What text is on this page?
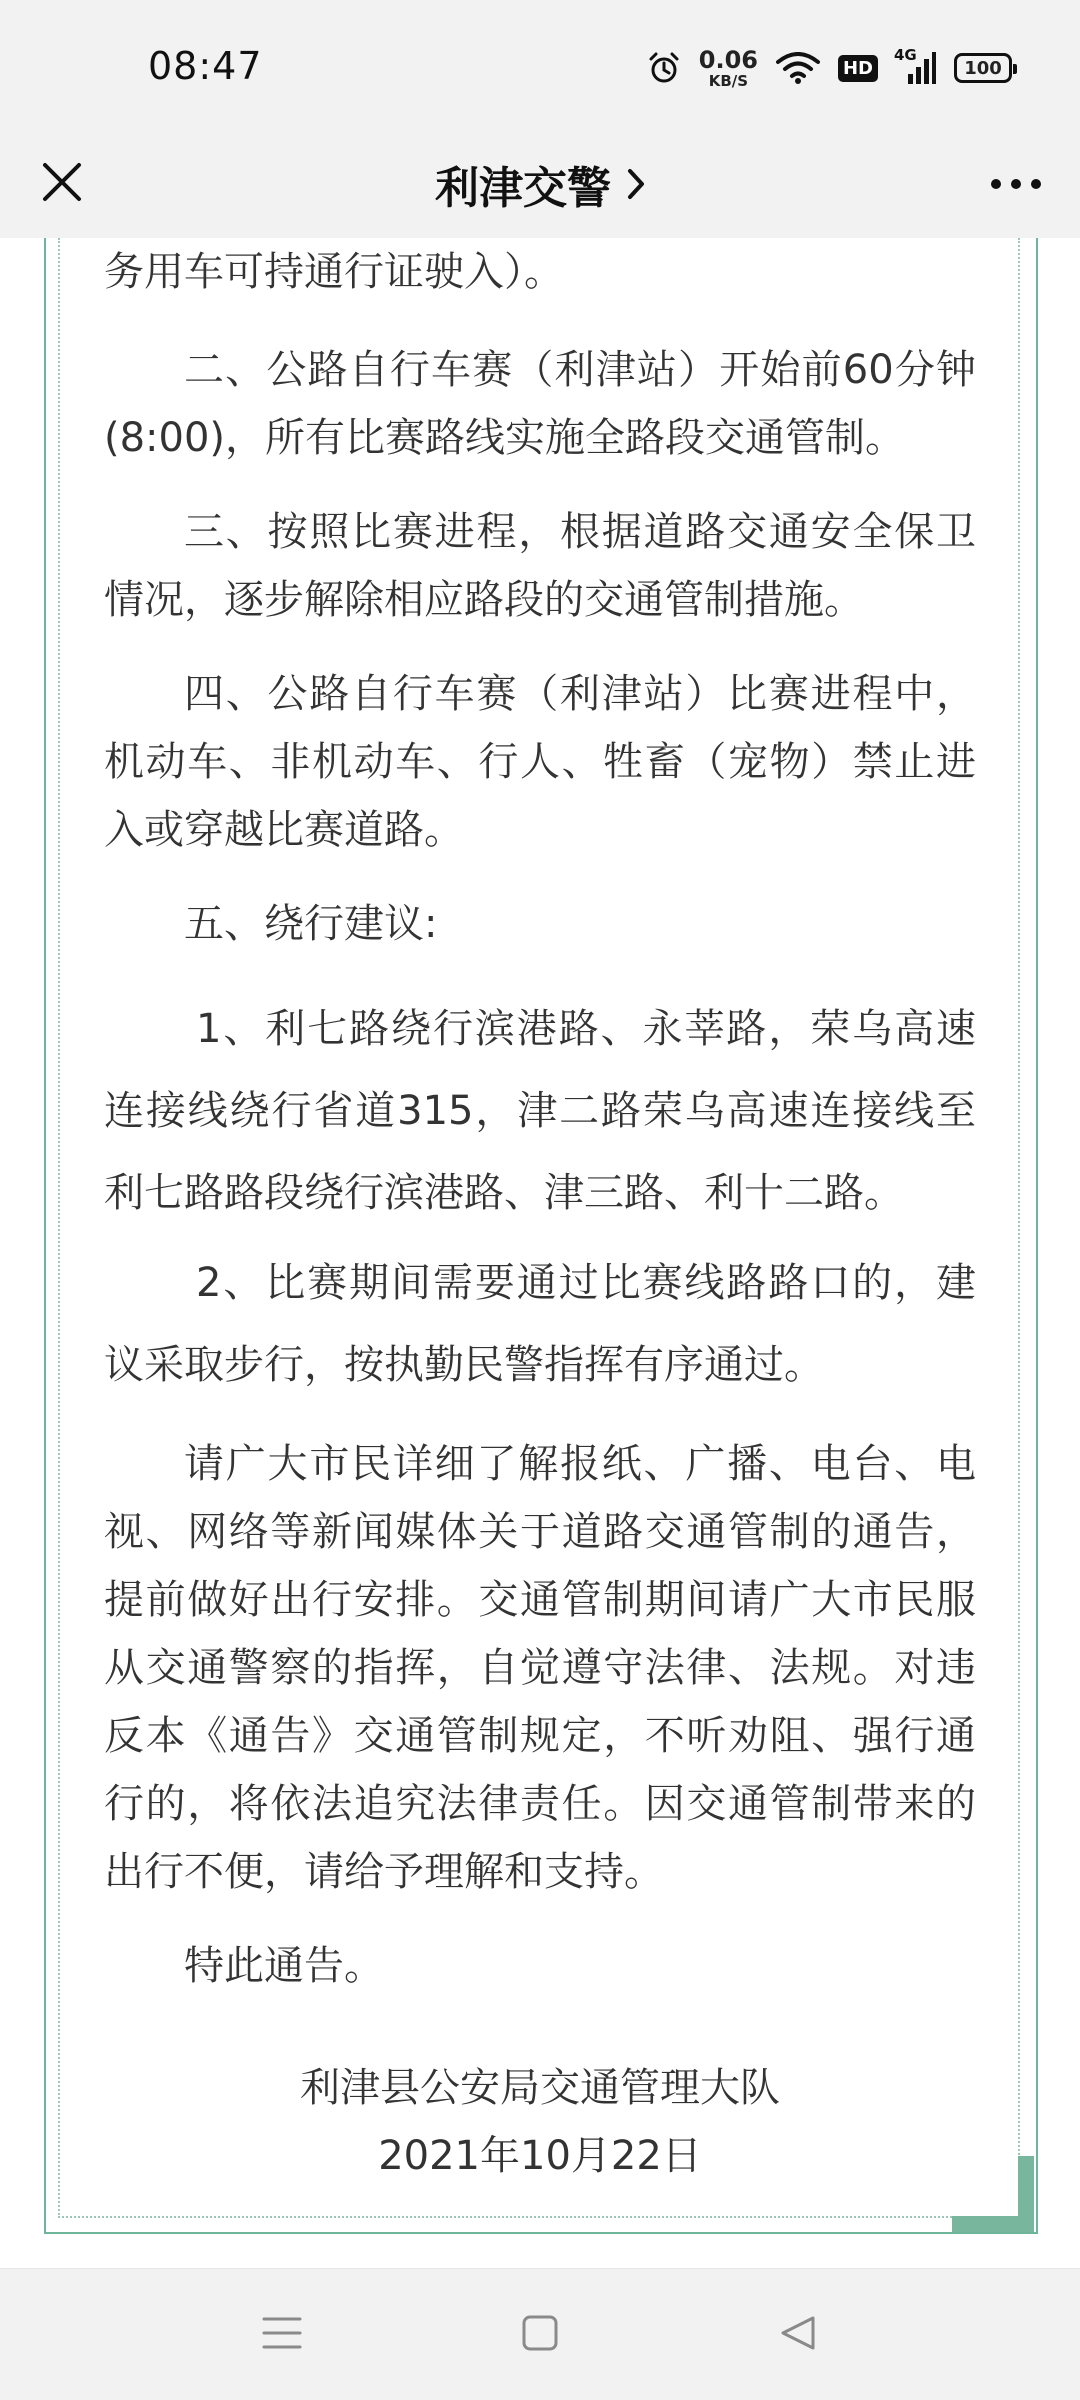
08:47	0.06
KB/S
HD
4G
100
利津交警

务用车可持通行证驶入）。

二、公路自行车赛（利津站）开始前60分钟(8:00)，所有比赛路线实施全路段交通管制。

三、按照比赛进程，根据道路交通安全保卫情况，逐步解除相应路段的交通管制措施。

四、公路自行车赛（利津站）比赛进程中，机动车、非机动车、行人、牲畜（宠物）禁止进入或穿越比赛道路。

五、绕行建议:

1、利七路绕行滨港路、永莘路，荣乌高速连接线绕行省道315，津二路荣乌高速连接线至利七路路段绕行滨港路、津三路、利十二路。

2、比赛期间需要通过比赛线路路口的，建议采取步行，按执勤民警指挥有序通过。

请广大市民详细了解报纸、广播、电台、电视、网络等新闻媒体关于道路交通管制的通告，提前做好出行安排。交通管制期间请广大市民服从交通警察的指挥，自觉遵守法律、法规。对违反本《通告》交通管制规定，不听劝阻、强行通行的，将依法追究法律责任。因交通管制带来的出行不便，请给予理解和支持。

特此通告。

利津县公安局交通管理大队

2021年10月22日
